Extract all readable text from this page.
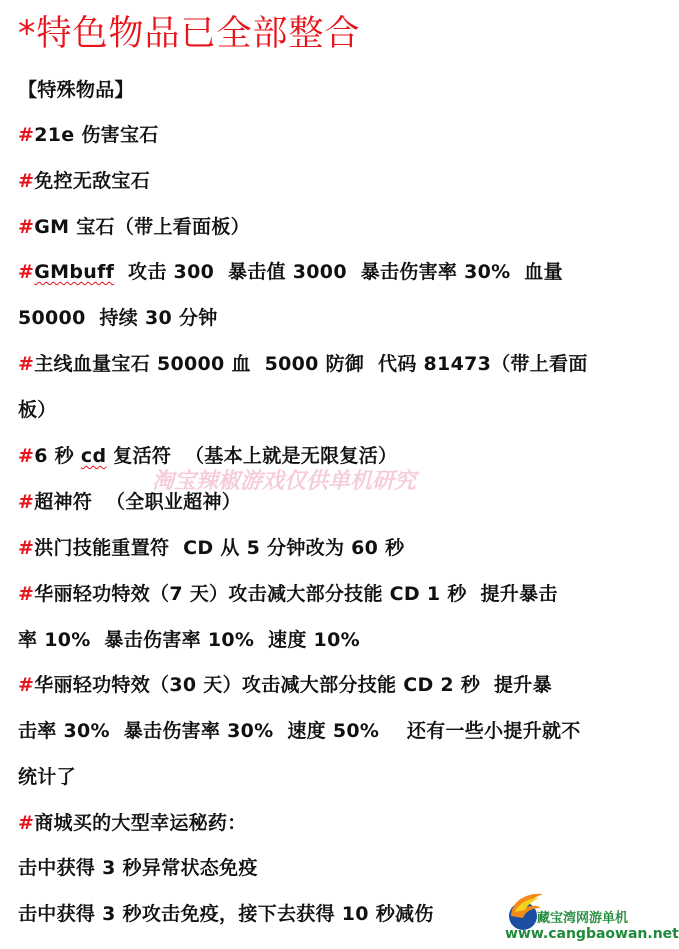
*特色物品已全部整合
【特殊物品】
#21e 伤害宝石
#免控无敌宝石
#GM 宝石（带上看面板）
#GMbuff  攻击 300  暴击值 3000  暴击伤害率 30%  血量
50000  持续 30 分钟
#主线血量宝石 50000 血  5000 防御  代码 81473（带上看面
板）
#6 秒 cd 复活符  （基本上就是无限复活）
#超神符  （全职业超神）
#洪门技能重置符  CD 从 5 分钟改为 60 秒
#华丽轻功特效（7 天）攻击减大部分技能 CD 1 秒  提升暴击
率 10%  暴击伤害率 10%  速度 10%
#华丽轻功特效（30 天）攻击减大部分技能 CD 2 秒  提升暴
击率 30%  暴击伤害率 30%  速度 50%    还有一些小提升就不
统计了
#商城买的大型幸运秘药：
击中获得 3 秒异常状态免疫
击中获得 3 秒攻击免疫，接下去获得 10 秒减伤
淘宝辣椒游戏仅供单机研究
藏宝湾网游单机
www.cangbaowan.net
